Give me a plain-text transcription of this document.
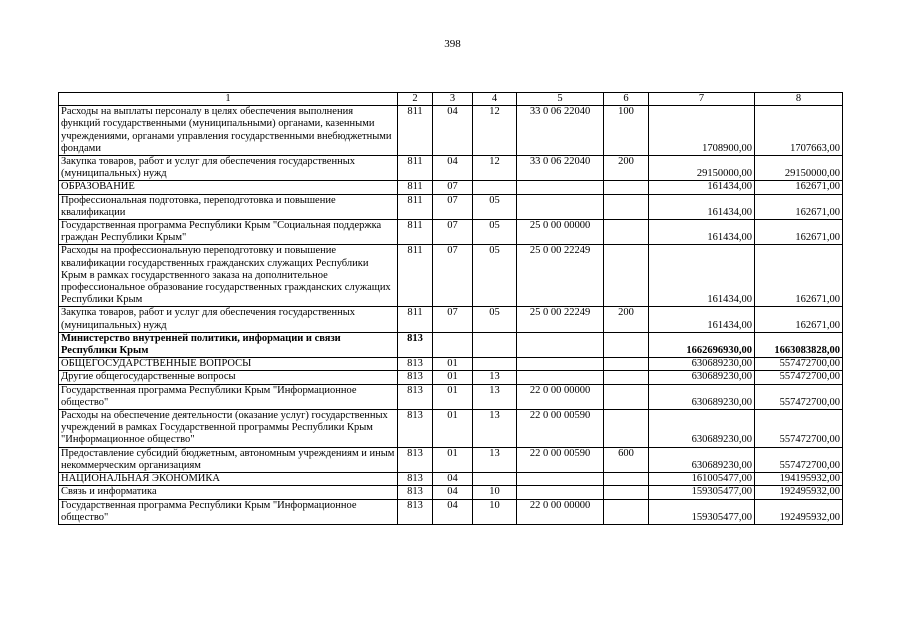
398
1	2	3	4	5	6	7	8
Расходы на выплаты персоналу в целях обеспечения выполнения функций государственными (муниципальными) органами, казенными учреждениями, органами управления государственными внебюджетными фондами	811	04	12	33 0 06 22040	100	1708900,00	1707663,00
Закупка товаров, работ и услуг для обеспечения государственных (муниципальных) нужд	811	04	12	33 0 06 22040	200	29150000,00	29150000,00
ОБРАЗОВАНИЕ	811	07				161434,00	162671,00
Профессиональная подготовка, переподготовка и повышение квалификации	811	07	05			161434,00	162671,00
Государственная программа Республики Крым "Социальная поддержка граждан Республики Крым"	811	07	05	25 0 00 00000		161434,00	162671,00
Расходы на профессиональную переподготовку и повышение квалификации государственных гражданских служащих Республики Крым в рамках государственного заказа на дополнительное профессиональное образование государственных гражданских служащих Республики Крым	811	07	05	25 0 00 22249		161434,00	162671,00
Закупка товаров, работ и услуг для обеспечения государственных (муниципальных) нужд	811	07	05	25 0 00 22249	200	161434,00	162671,00
Министерство внутренней политики, информации и связи Республики Крым	813					1662696930,00	1663083828,00
ОБЩЕГОСУДАРСТВЕННЫЕ ВОПРОСЫ	813	01				630689230,00	557472700,00
Другие общегосударственные вопросы	813	01	13			630689230,00	557472700,00
Государственная программа Республики Крым "Информационное общество"	813	01	13	22 0 00 00000		630689230,00	557472700,00
Расходы на обеспечение деятельности (оказание услуг) государственных учреждений в рамках Государственной программы Республики Крым "Информационное общество"	813	01	13	22 0 00 00590		630689230,00	557472700,00
Предоставление субсидий бюджетным, автономным учреждениям и иным некоммерческим организациям	813	01	13	22 0 00 00590	600	630689230,00	557472700,00
НАЦИОНАЛЬНАЯ ЭКОНОМИКА	813	04				161005477,00	194195932,00
Связь и информатика	813	04	10			159305477,00	192495932,00
Государственная программа Республики Крым "Информационное общество"	813	04	10	22 0 00 00000		159305477,00	192495932,00
